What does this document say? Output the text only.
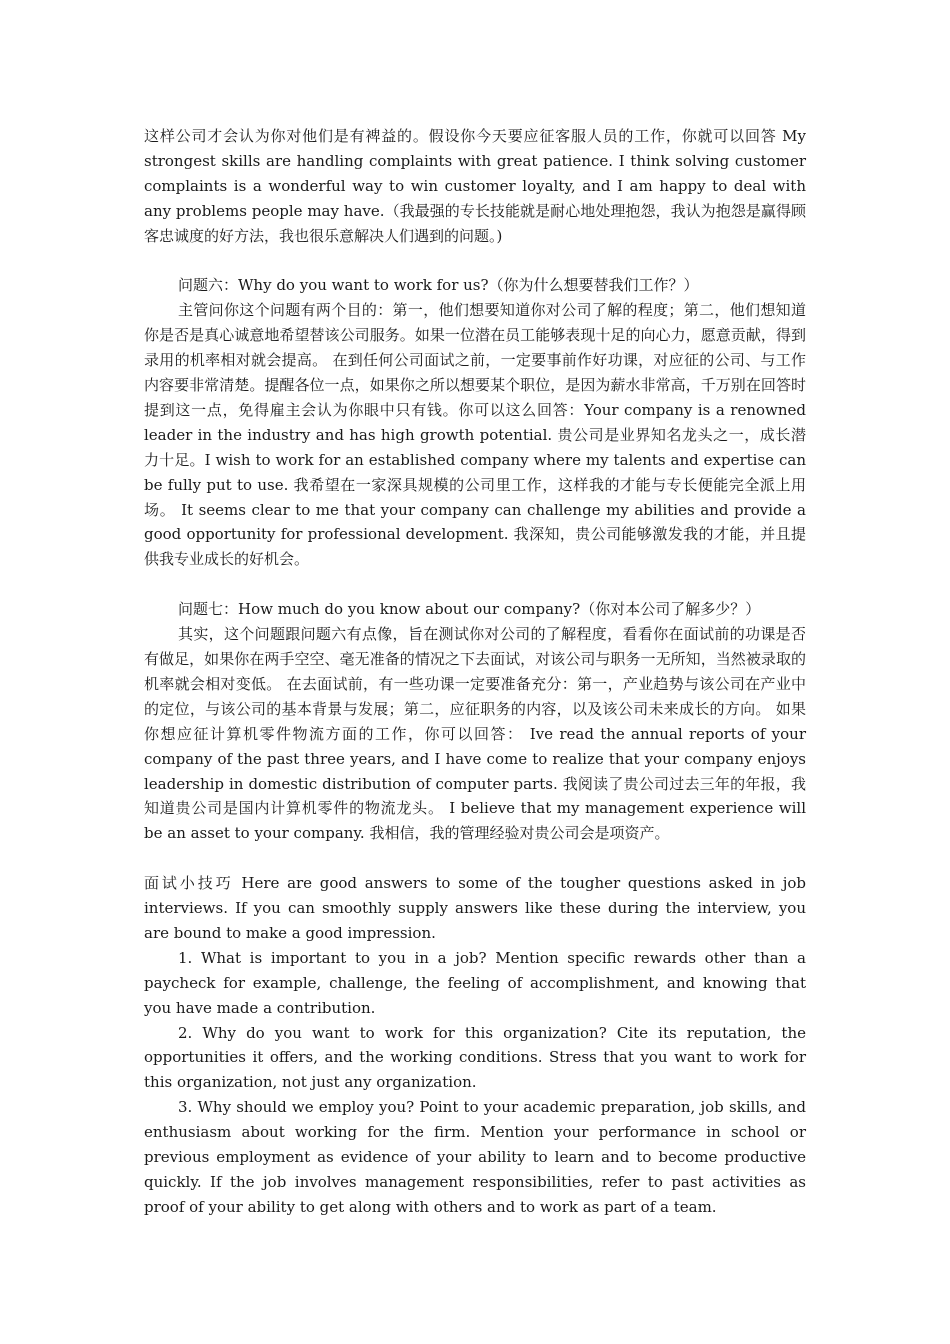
这样公司才会认为你对他们是有裨益的。假设你今天要应征客服人员的工作，你就可以回答 My strongest skills are handling complaints with great patience. I think solving customer complaints is a wonderful way to win customer loyalty, and I am happy to deal with any problems people may have.（我最强的专长技能就是耐心地处理抱怨，我认为抱怨是赢得顾客忠诚度的好方法，我也很乐意解决人们遇到的问题。)

问题六：Why do you want to work for us?（你为什么想要替我们工作？）

主管问你这个问题有两个目的：第一，他们想要知道你对公司了解的程度；第二，他们想知道你是否是真心诚意地希望替该公司服务。如果一位潜在员工能够表现十足的向心力，愿意贡献，得到录用的机率相对就会提高。 在到任何公司面试之前，一定要事前作好功课，对应征的公司、与工作内容要非常清楚。提醒各位一点，如果你之所以想要某个职位，是因为薪水非常高，千万别在回答时提到这一点，免得雇主会认为你眼中只有钱。你可以这么回答：Your company is a renowned leader in the industry and has high growth potential. 贵公司是业界知名龙头之一，成长潜力十足。I wish to work for an established company where my talents and expertise can be fully put to use. 我希望在一家深具规模的公司里工作，这样我的才能与专长便能完全派上用场。 It seems clear to me that your company can challenge my abilities and provide a good opportunity for professional development. 我深知，贵公司能够激发我的才能，并且提供我专业成长的好机会。

问题七：How much do you know about our company?（你对本公司了解多少？）

其实，这个问题跟问题六有点像，旨在测试你对公司的了解程度，看看你在面试前的功课是否有做足，如果你在两手空空、毫无准备的情况之下去面试，对该公司与职务一无所知，当然被录取的机率就会相对变低。 在去面试前，有一些功课一定要准备充分：第一，产业趋势与该公司在产业中的定位，与该公司的基本背景与发展；第二，应征职务的内容，以及该公司未来成长的方向。 如果你想应征计算机零件物流方面的工作，你可以回答： Ive read the annual reports of your company of the past three years, and I have come to realize that your company enjoys leadership in domestic distribution of computer parts. 我阅读了贵公司过去三年的年报，我知道贵公司是国内计算机零件的物流龙头。 I believe that my management experience will be an asset to your company. 我相信，我的管理经验对贵公司会是项资产。

面试小技巧 Here are good answers to some of the tougher questions asked in job interviews. If you can smoothly supply answers like these during the interview, you are bound to make a good impression.

1. What is important to you in a job? Mention specific rewards other than a paycheck for example, challenge, the feeling of accomplishment, and knowing that you have made a contribution.

2. Why do you want to work for this organization? Cite its reputation, the opportunities it offers, and the working conditions. Stress that you want to work for this organization, not just any organization.

3. Why should we employ you? Point to your academic preparation, job skills, and enthusiasm about working for the firm. Mention your performance in school or previous employment as evidence of your ability to learn and to become productive quickly. If the job involves management responsibilities, refer to past activities as proof of your ability to get along with others and to work as part of a team.
